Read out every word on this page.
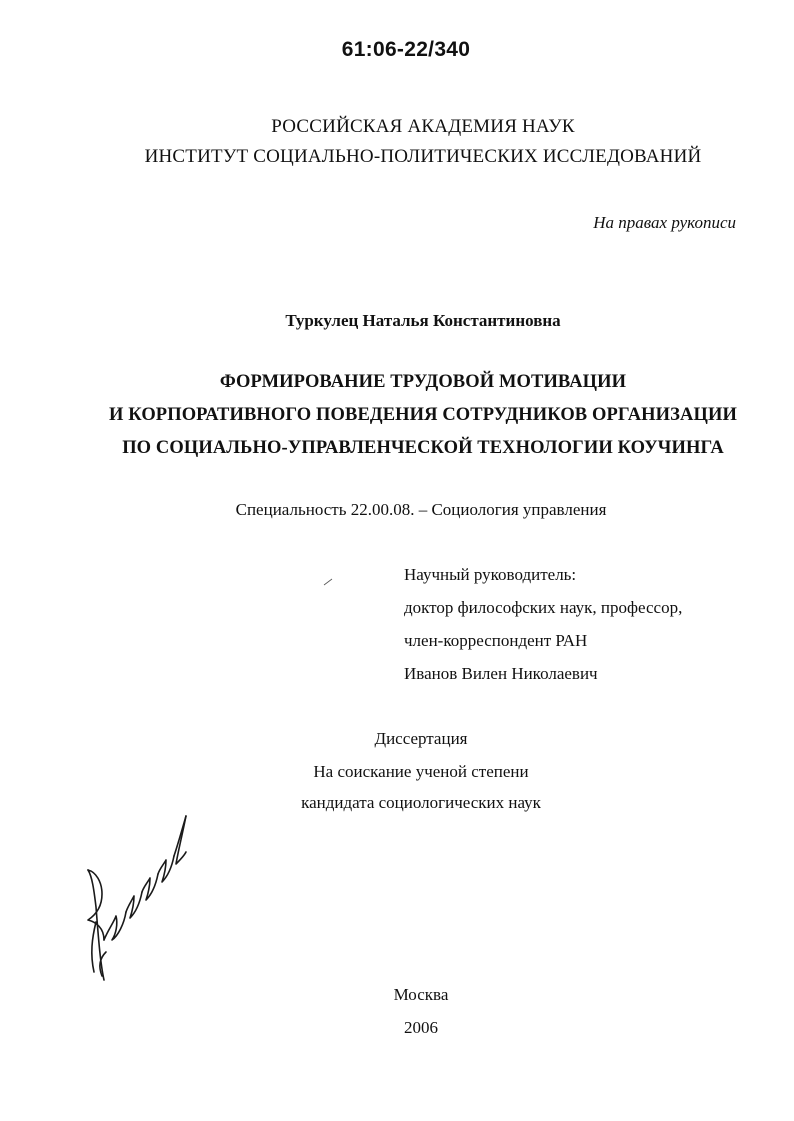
61:06-22/340
РОССИЙСКАЯ АКАДЕМИЯ НАУК
ИНСТИТУТ СОЦИАЛЬНО-ПОЛИТИЧЕСКИХ ИССЛЕДОВАНИЙ
На правах рукописи
Туркулец Наталья Константиновна
ФОРМИРОВАНИЕ ТРУДОВОЙ МОТИВАЦИИ
И КОРПОРАТИВНОГО ПОВЕДЕНИЯ СОТРУДНИКОВ ОРГАНИЗАЦИИ
ПО СОЦИАЛЬНО-УПРАВЛЕНЧЕСКОЙ ТЕХНОЛОГИИ КОУЧИНГА
Специальность 22.00.08. – Социология управления
Научный руководитель:
доктор философских наук, профессор,
член-корреспондент РАН
Иванов Вилен Николаевич
Диссертация
На соискание ученой степени
кандидата социологических наук
Москва
2006
